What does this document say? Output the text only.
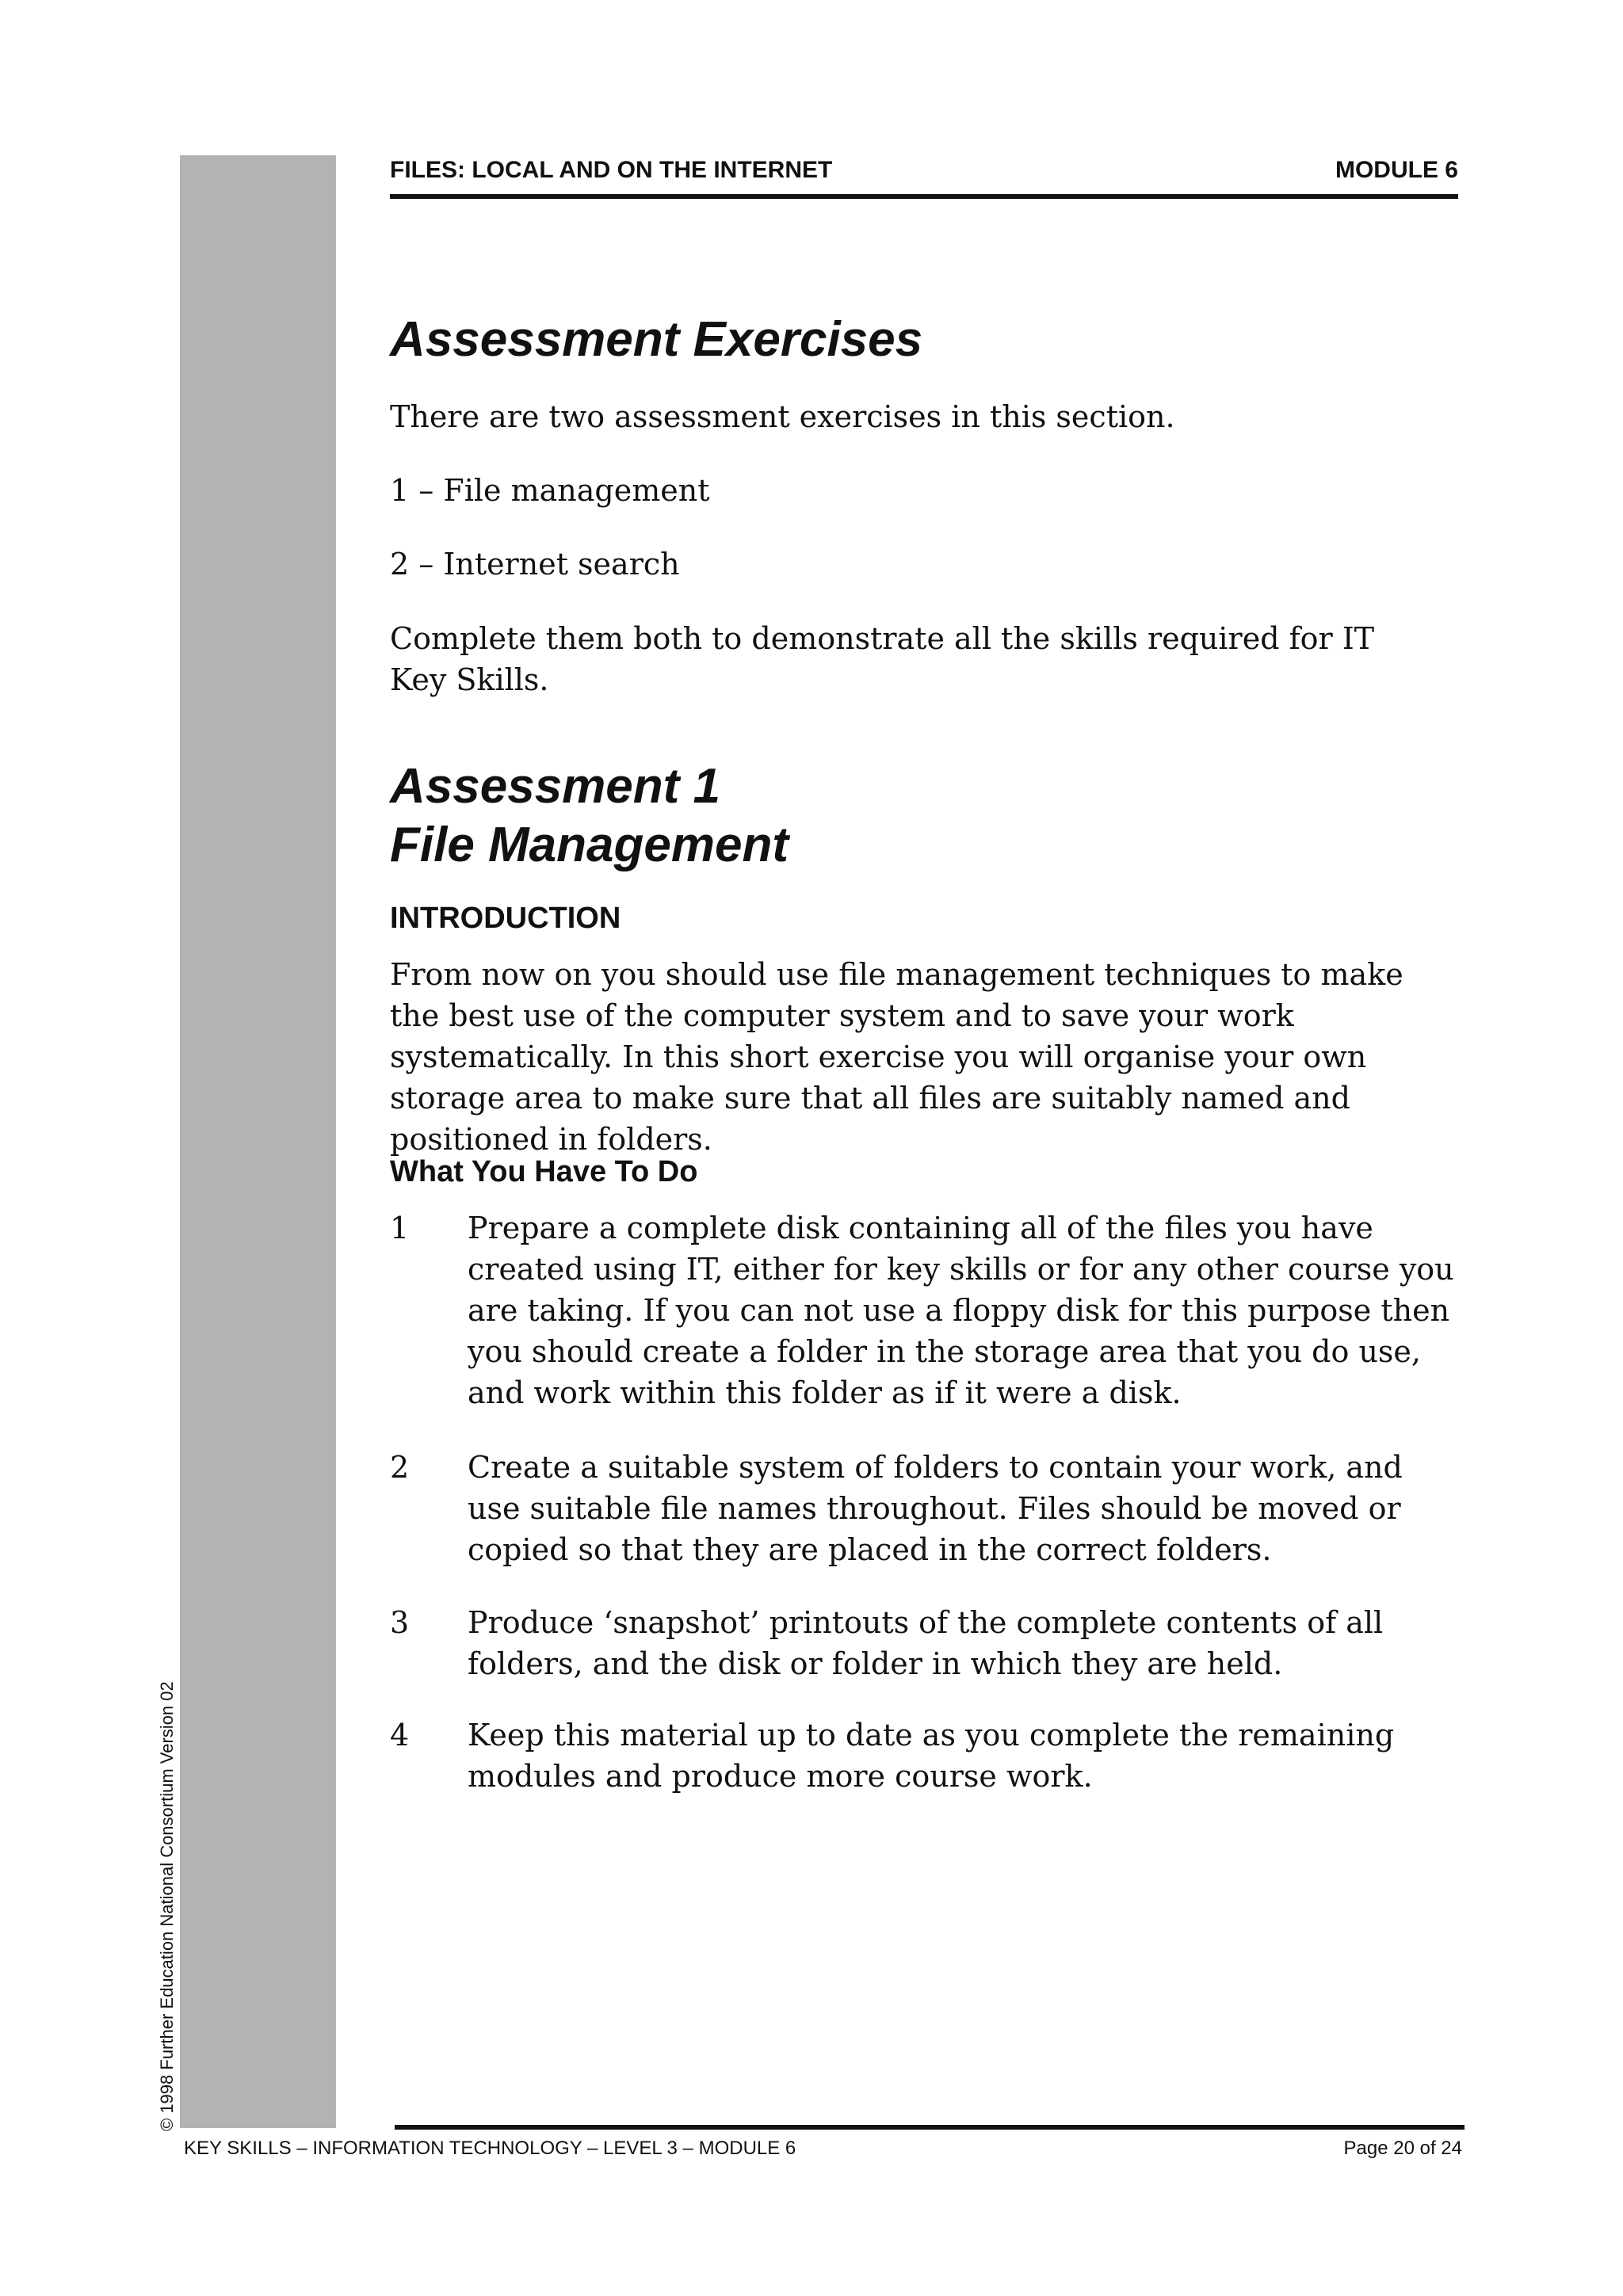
© 1998 Further Education National Consortium Version 02
FILES: LOCAL AND ON THE INTERNET	MODULE 6
Assessment Exercises

There are two assessment exercises in this section.

1 – File management

2 – Internet search

Complete them both to demonstrate all the skills required for IT Key Skills.

Assessment 1
File Management
INTRODUCTION

From now on you should use file management techniques to make the best use of the computer system and to save your work systematically. In this short exercise you will organise your own storage area to make sure that all files are suitably named and positioned in folders.

What You Have To Do
1 Prepare a complete disk containing all of the files you have created using IT, either for key skills or for any other course you are taking. If you can not use a floppy disk for this purpose then you should create a folder in the storage area that you do use, and work within this folder as if it were a disk.
2 Create a suitable system of folders to contain your work, and use suitable file names throughout. Files should be moved or copied so that they are placed in the correct folders.
3 Produce ‘snapshot’ printouts of the complete contents of all folders, and the disk or folder in which they are held.
4 Keep this material up to date as you complete the remaining modules and produce more course work.
KEY SKILLS – INFORMATION TECHNOLOGY – LEVEL 3 – MODULE 6	Page 20 of 24
